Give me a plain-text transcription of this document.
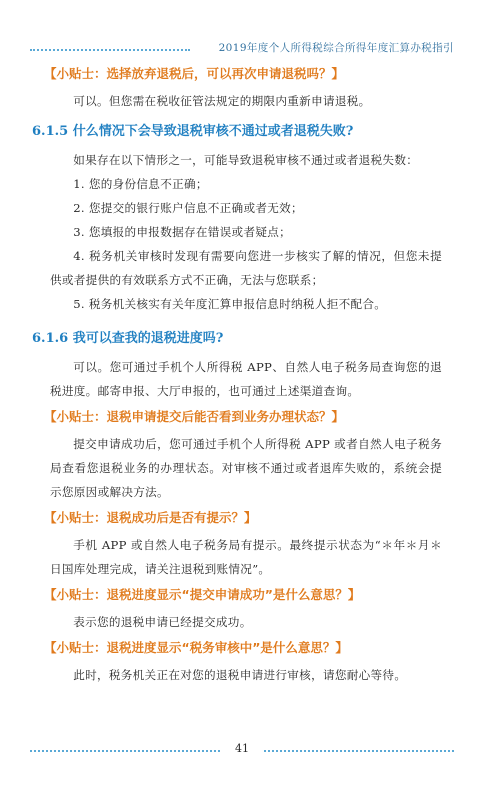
2019年度个人所得税综合所得年度汇算办税指引
【小贴士：选择放弃退税后，可以再次申请退税吗？】

可以。但您需在税收征管法规定的期限内重新申请退税。

6.1.5 什么情况下会导致退税审核不通过或者退税失败?

如果存在以下情形之一，可能导致退税审核不通过或者退税失数：

1. 您的身份信息不正确；

2. 您提交的银行账户信息不正确或者无效；

3. 您填报的申报数据存在错误或者疑点；

4. 税务机关审核时发现有需要向您进一步核实了解的情况，但您未提供或者提供的有效联系方式不正确，无法与您联系；

5. 税务机关核实有关年度汇算申报信息时纳税人拒不配合。

6.1.6 我可以查我的退税进度吗?

可以。您可通过手机个人所得税 APP、自然人电子税务局查询您的退税进度。邮寄申报、大厅申报的，也可通过上述渠道查询。

【小贴士：退税申请提交后能否看到业务办理状态？】

提交申请成功后，您可通过手机个人所得税 APP 或者自然人电子税务局查看您退税业务的办理状态。对审核不通过或者退库失败的，系统会提示您原因或解决方法。

【小贴士：退税成功后是否有提示？】

手机 APP 或自然人电子税务局有提示。最终提示状态为“＊年＊月＊日国库处理完成，请关注退税到账情况”。

【小贴士：退税进度显示“提交申请成功”是什么意思？】

表示您的退税申请已经提交成功。

【小贴士：退税进度显示“税务审核中”是什么意思？】

此时，税务机关正在对您的退税申请进行审核，请您耐心等待。

41
